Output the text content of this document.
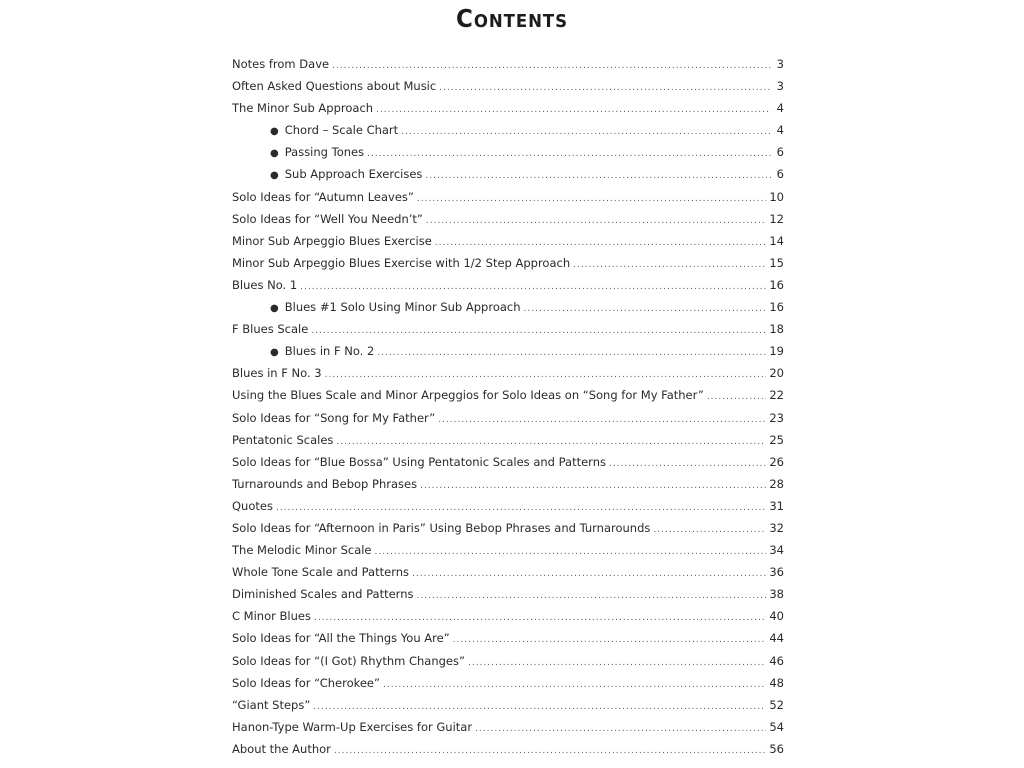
Contents
Notes from Dave .....	3
Often Asked Questions about Music .....	3
The Minor Sub Approach .....	4
● Chord – Scale Chart .....	4
● Passing Tones .....	6
● Sub Approach Exercises .....	6
Solo Ideas for “Autumn Leaves” .....	10
Solo Ideas for “Well You Needn’t” .....	12
Minor Sub Arpeggio Blues Exercise .....	14
Minor Sub Arpeggio Blues Exercise with 1/2 Step Approach .....	15
Blues No. 1 .....	16
● Blues #1 Solo Using Minor Sub Approach .....	16
F Blues Scale .....	18
● Blues in F No. 2 .....	19
Blues in F No. 3 .....	20
Using the Blues Scale and Minor Arpeggios for Solo Ideas on “Song for My Father” .....	22
Solo Ideas for “Song for My Father” .....	23
Pentatonic Scales .....	25
Solo Ideas for “Blue Bossa” Using Pentatonic Scales and Patterns .....	26
Turnarounds and Bebop Phrases .....	28
Quotes .....	31
Solo Ideas for “Afternoon in Paris” Using Bebop Phrases and Turnarounds .....	32
The Melodic Minor Scale .....	34
Whole Tone Scale and Patterns .....	36
Diminished Scales and Patterns .....	38
C Minor Blues .....	40
Solo Ideas for “All the Things You Are” .....	44
Solo Ideas for “(I Got) Rhythm Changes” .....	46
Solo Ideas for “Cherokee” .....	48
“Giant Steps” .....	52
Hanon-Type Warm-Up Exercises for Guitar .....	54
About the Author .....	56
